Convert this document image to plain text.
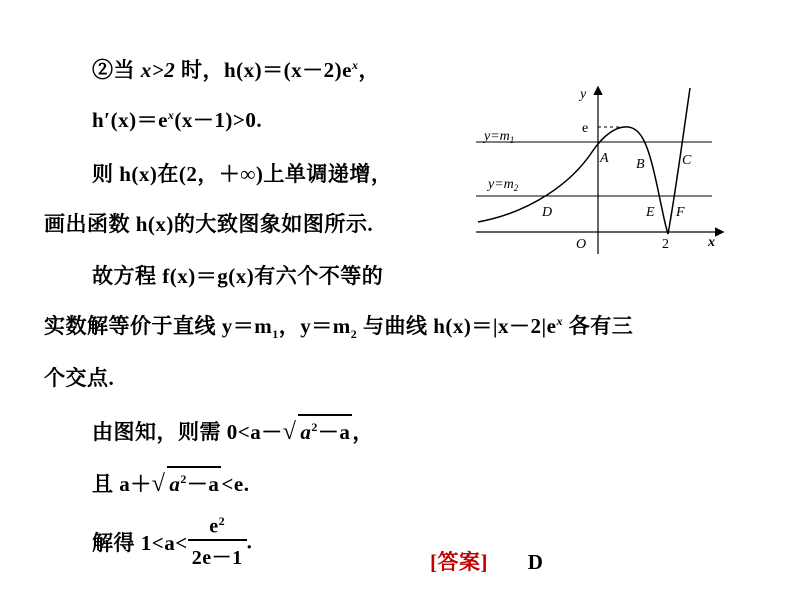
②当 x>2 时，$h(x)=(x-2)e^x$，
$h'(x)=e^x(x-1)>0$.
则 h(x)在(2，＋∞)上单调递增，
画出函数 h(x)的大致图象如图所示.
故方程 f(x)＝g(x)有六个不等的
实数解等价于直线 $y=m_1$，$y=m_2$ 与曲线 $h(x)=|x-2|e^x$ 各有三
个交点.
由图知，则需 0<a－√ $a^2-a$，
且 a＋√ $a^2-a<e$.
解得 $1<a< \frac{e^2}{2e-1}$ .
[答案] D
y
x
O
e
2
$y=m_1$
$y=m_2$
A B	C
D	E F
